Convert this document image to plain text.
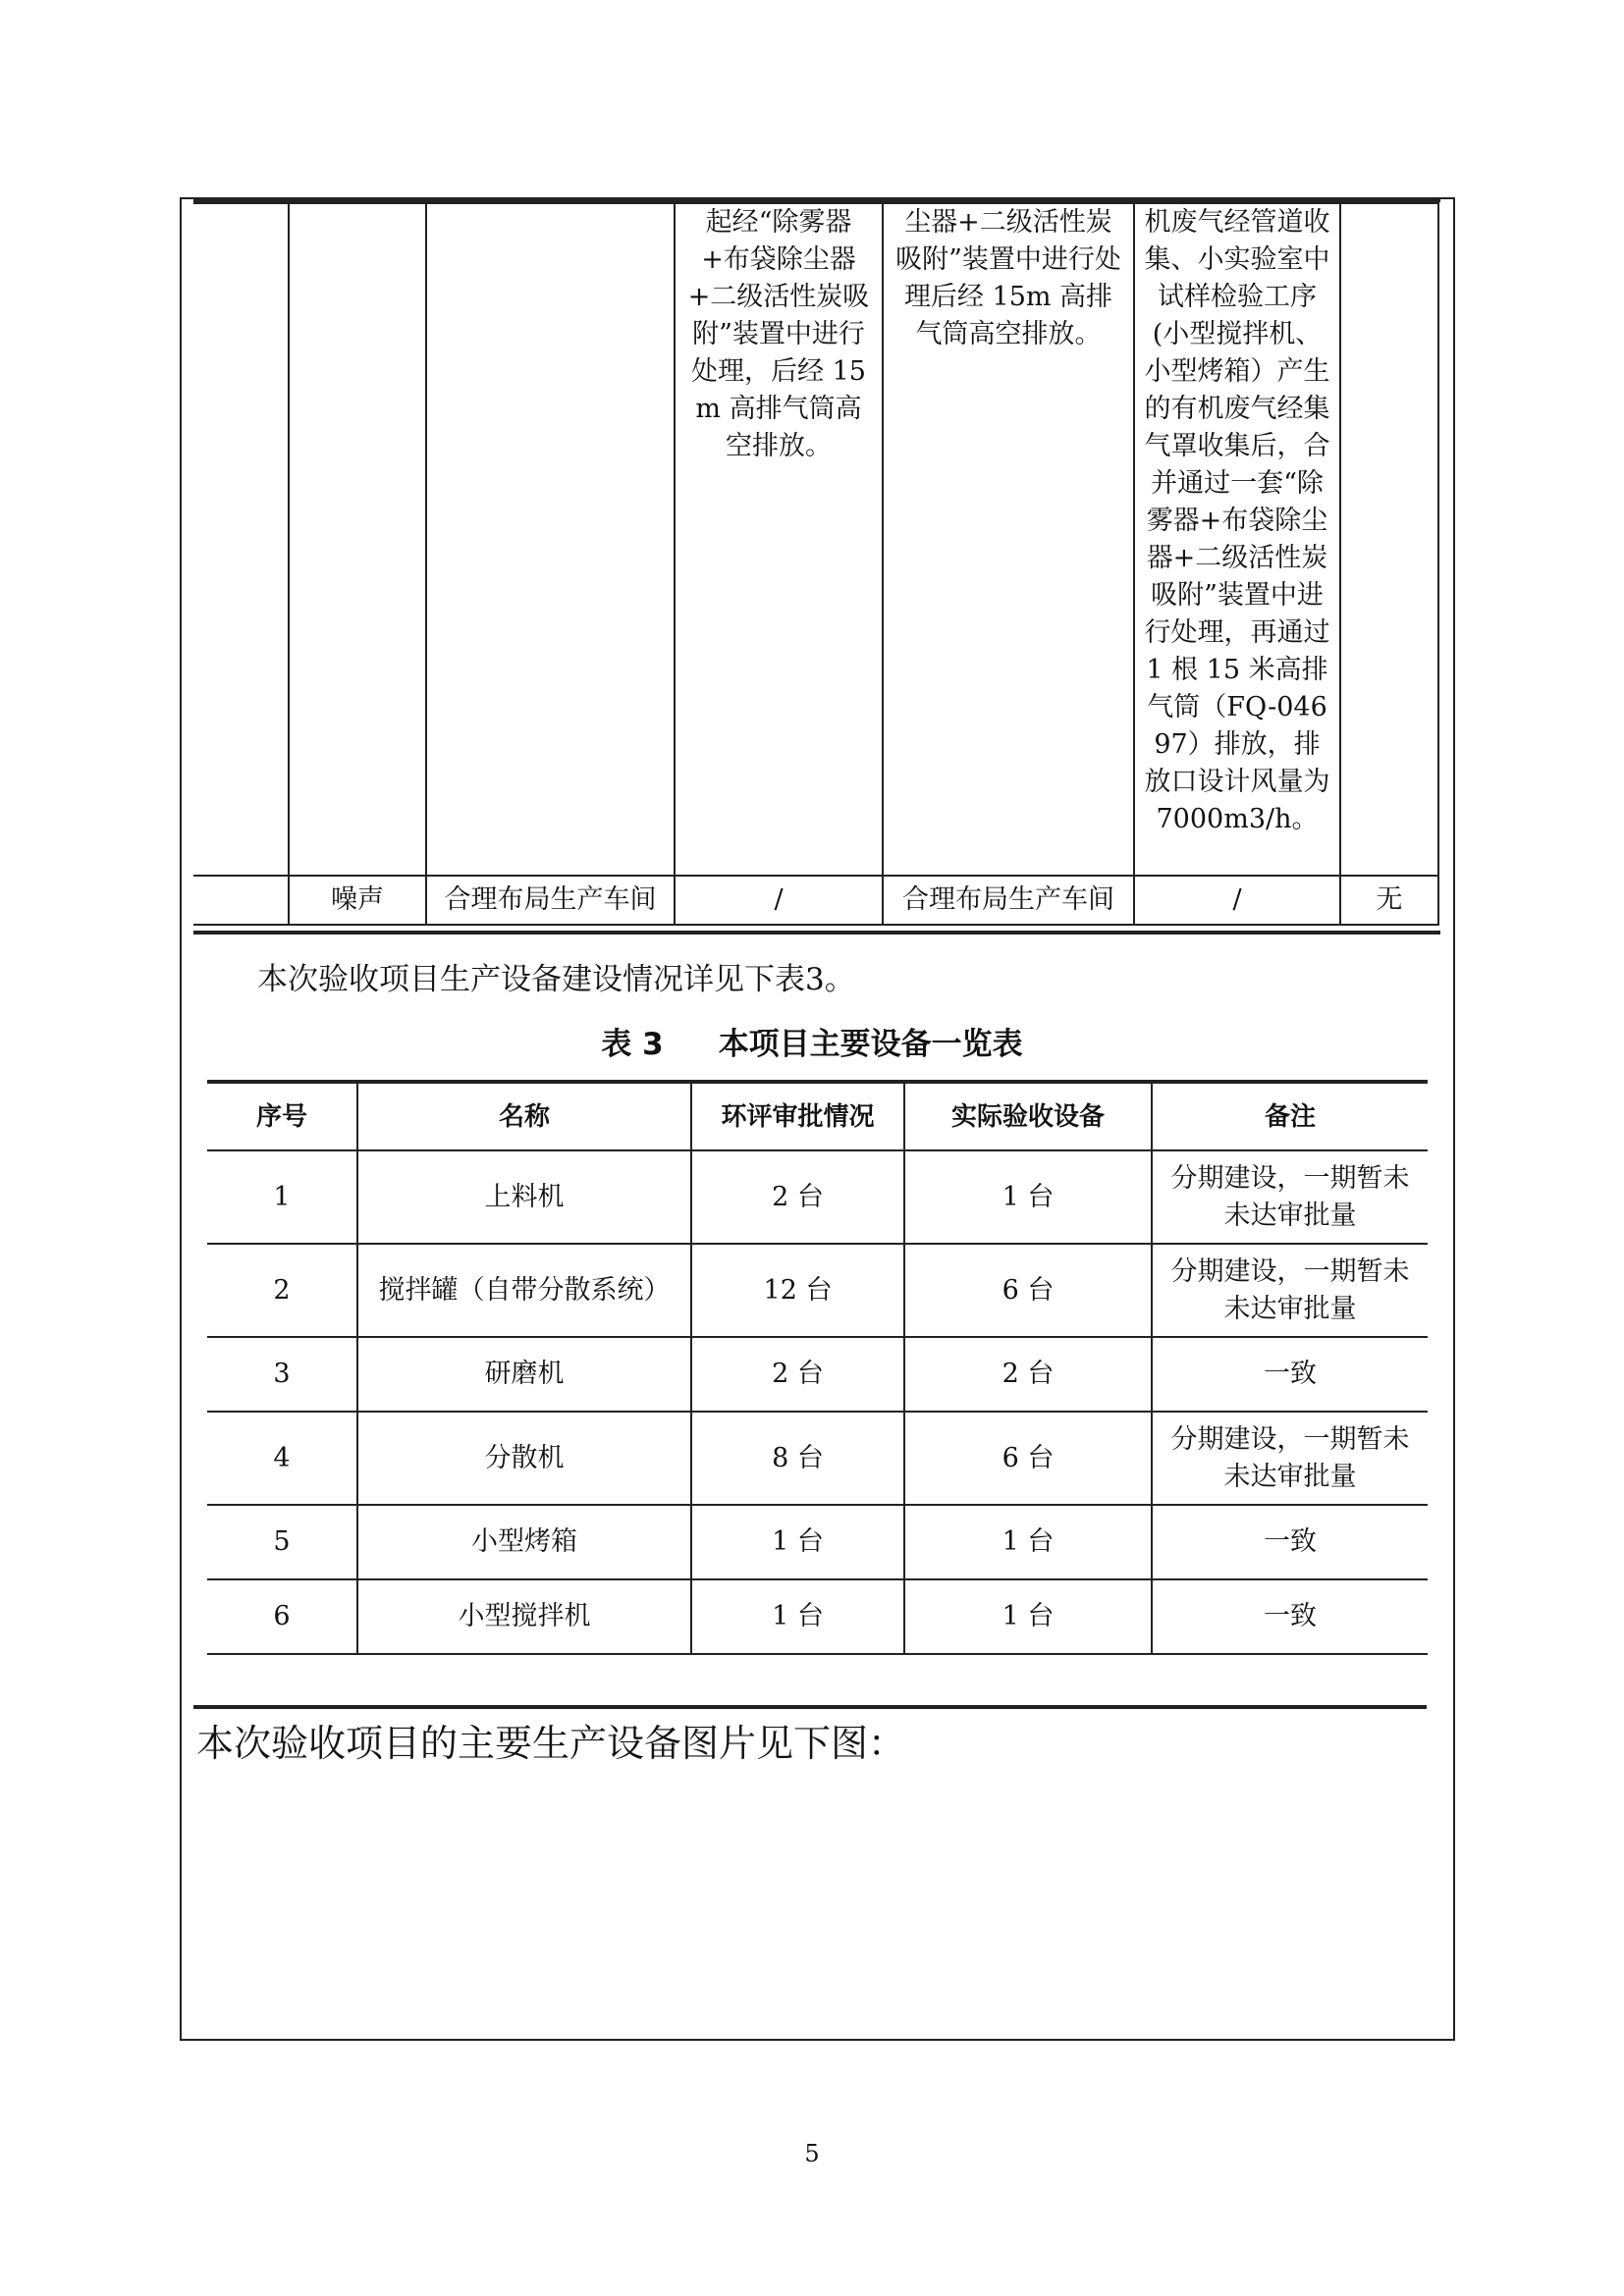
			起经“除雾器+布袋除尘器+二级活性炭吸附”装置中进行处理，后经 15m 高排气筒高空排放。	尘器+二级活性炭吸附”装置中进行处理后经 15m 高排气筒高空排放。	机废气经管道收集、小实验室中试样检验工序(小型搅拌机、小型烤箱）产生的有机废气经集气罩收集后，合并通过一套“除雾器+布袋除尘器+二级活性炭吸附”装置中进行处理，再通过 1 根 15 米高排气筒（FQ-04697）排放，排放口设计风量为 7000m3/h。	

	噪声	合理布局生产车间	/	合理布局生产车间	/	无
本次验收项目生产设备建设情况详见下表3。
表 3 本项目主要设备一览表
序号	名称	环评审批情况	实际验收设备	备注
1	上料机	2 台	1 台	分期建设，一期暂未未达审批量
2	搅拌罐（自带分散系统）	12 台	6 台	分期建设，一期暂未未达审批量
3	研磨机	2 台	2 台	一致
4	分散机	8 台	6 台	分期建设，一期暂未未达审批量
5	小型烤箱	1 台	1 台	一致
6	小型搅拌机	1 台	1 台	一致
本次验收项目的主要生产设备图片见下图：
5
